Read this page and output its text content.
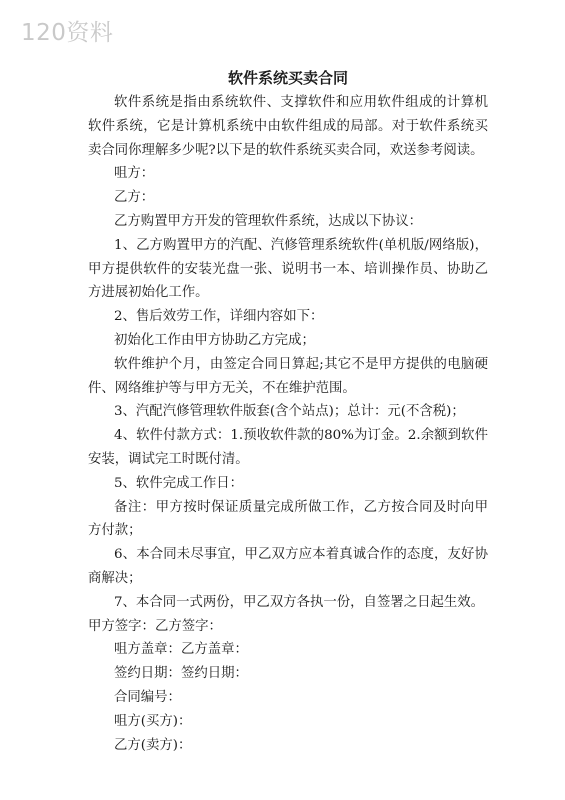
120资料
软件系统买卖合同

软件系统是指由系统软件、支撑软件和应用软件组成的计算机软件系统，它是计算机系统中由软件组成的局部。对于软件系统买卖合同你理解多少呢?以下是的软件系统买卖合同，欢送参考阅读。

咀方：

乙方：

乙方购置甲方开发的管理软件系统，达成以下协议：

1、乙方购置甲方的汽配、汽修管理系统软件(单机版/网络版)，甲方提供软件的安装光盘一张、说明书一本、培训操作员、协助乙方进展初始化工作。

2、售后效劳工作，详细内容如下：

初始化工作由甲方协助乙方完成；

软件维护个月，由签定合同日算起;其它不是甲方提供的电脑硬件、网络维护等与甲方无关，不在维护范围。

3、汽配汽修管理软件版套(含个站点)；总计：元(不含税)；

4、软件付款方式：1.预收软件款的80%为订金。2.余额到软件安装，调试完工时既付清。

5、软件完成工作日：

备注：甲方按时保证质量完成所做工作，乙方按合同及时向甲方付款；

6、本合同未尽事宜，甲乙双方应本着真诚合作的态度，友好协商解决；

7、本合同一式两份，甲乙双方各执一份，自签署之日起生效。

甲方签字：乙方签字：

咀方盖章：乙方盖章：

签约日期：签约日期：

合同编号：

咀方(买方)：

乙方(卖方)：
